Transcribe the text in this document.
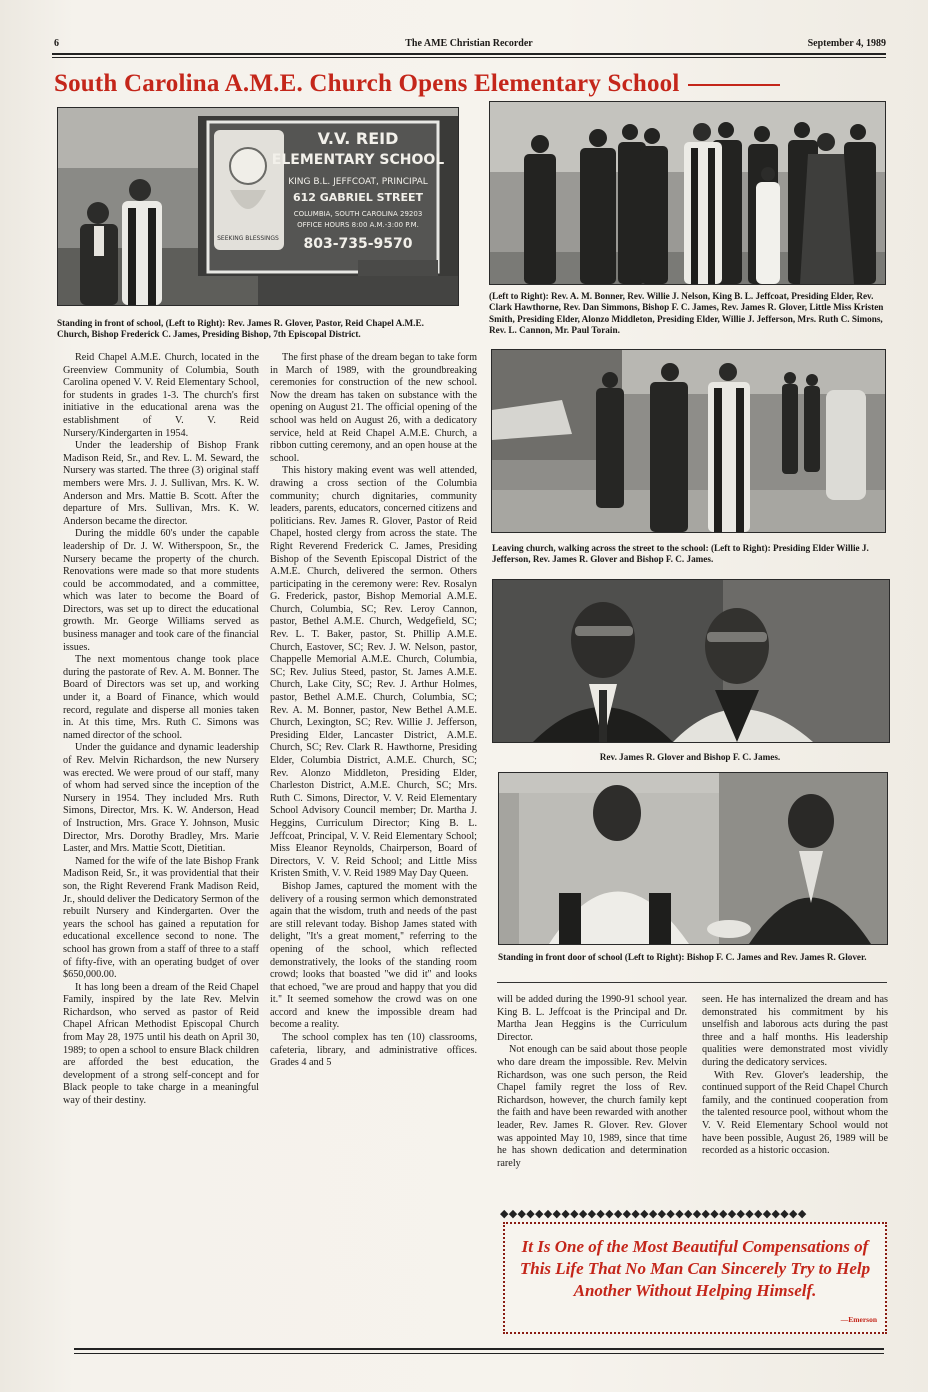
6	The AME Christian Recorder	September 4, 1989
South Carolina A.M.E. Church Opens Elementary School
SEEKING BLESSINGS
V.V. REID
ELEMENTARY SCHOOL
KING B.L. JEFFCOAT, PRINCIPAL
612 GABRIEL STREET
COLUMBIA, SOUTH CAROLINA 29203
OFFICE HOURS 8:00 A.M.-3:00 P.M.
803-735-9570
Standing in front of school, (Left to Right): Rev. James R. Glover, Pastor, Reid Chapel A.M.E. Church, Bishop Frederick C. James, Presiding Bishop, 7th Episcopal District.
(Left to Right): Rev. A. M. Bonner, Rev. Willie J. Nelson, King B. L. Jeffcoat, Presiding Elder, Rev. Clark Hawthorne, Rev. Dan Simmons, Bishop F. C. James, Rev. James R. Glover, Little Miss Kristen Smith, Presiding Elder, Alonzo Middleton, Presiding Elder, Willie J. Jefferson, Mrs. Ruth C. Simons, Rev. L. Cannon, Mr. Paul Torain.
Leaving church, walking across the street to the school: (Left to Right): Presiding Elder Willie J. Jefferson, Rev. James R. Glover and Bishop F. C. James.
Rev. James R. Glover and Bishop F. C. James.
Standing in front door of school (Left to Right): Bishop F. C. James and Rev. James R. Glover.

Reid Chapel A.M.E. Church, located in the Greenview Community of Columbia, South Carolina opened V. V. Reid Elementary School, for students in grades 1-3. The church's first initiative in the educational arena was the establishment of V. V. Reid Nursery/Kindergarten in 1954.

Under the leadership of Bishop Frank Madison Reid, Sr., and Rev. L. M. Seward, the Nursery was started. The three (3) original staff members were Mrs. J. J. Sullivan, Mrs. K. W. Anderson and Mrs. Mattie B. Scott. After the departure of Mrs. Sullivan, Mrs. K. W. Anderson became the director.

During the middle 60's under the capable leadership of Dr. J. W. Witherspoon, Sr., the Nursery became the property of the church. Renovations were made so that more students could be accommodated, and a committee, which was later to become the Board of Directors, was set up to direct the educational growth. Mr. George Williams served as business manager and took care of the financial issues.

The next momentous change took place during the pastorate of Rev. A. M. Bonner. The Board of Directors was set up, and working under it, a Board of Finance, which would record, regulate and disperse all monies taken in. At this time, Mrs. Ruth C. Simons was named director of the school.

Under the guidance and dynamic leadership of Rev. Melvin Richardson, the new Nursery was erected. We were proud of our staff, many of whom had served since the inception of the Nursery in 1954. They included Mrs. Ruth Simons, Director, Mrs. K. W. Anderson, Head of Instruction, Mrs. Grace Y. Johnson, Music Director, Mrs. Dorothy Bradley, Mrs. Marie Laster, and Mrs. Mattie Scott, Dietitian.

Named for the wife of the late Bishop Frank Madison Reid, Sr., it was providential that their son, the Right Reverend Frank Madison Reid, Jr., should deliver the Dedicatory Sermon of the rebuilt Nursery and Kindergarten. Over the years the school has gained a reputation for educational excellence second to none. The school has grown from a staff of three to a staff of fifty-five, with an operating budget of over $650,000.00.

It has long been a dream of the Reid Chapel Family, inspired by the late Rev. Melvin Richardson, who served as pastor of Reid Chapel African Methodist Episcopal Church from May 28, 1975 until his death on April 30, 1989; to open a school to ensure Black children are afforded the best education, the development of a strong self-concept and for Black people to take charge in a meaningful way of their destiny.

The first phase of the dream began to take form in March of 1989, with the groundbreaking ceremonies for construction of the new school. Now the dream has taken on substance with the opening on August 21. The official opening of the school was held on August 26, with a dedicatory service, held at Reid Chapel A.M.E. Church, a ribbon cutting ceremony, and an open house at the school.

This history making event was well attended, drawing a cross section of the Columbia community; church dignitaries, community leaders, parents, educators, concerned citizens and politicians. Rev. James R. Glover, Pastor of Reid Chapel, hosted clergy from across the state. The Right Reverend Frederick C. James, Presiding Bishop of the Seventh Episcopal District of the A.M.E. Church, delivered the sermon. Others participating in the ceremony were: Rev. Rosalyn G. Frederick, pastor, Bishop Memorial A.M.E. Church, Columbia, SC; Rev. Leroy Cannon, pastor, Bethel A.M.E. Church, Wedgefield, SC; Rev. L. T. Baker, pastor, St. Phillip A.M.E. Church, Eastover, SC; Rev. J. W. Nelson, pastor, Chappelle Memorial A.M.E. Church, Columbia, SC; Rev. Julius Steed, pastor, St. James A.M.E. Church, Lake City, SC; Rev. J. Arthur Holmes, pastor, Bethel A.M.E. Church, Columbia, SC; Rev. A. M. Bonner, pastor, New Bethel A.M.E. Church, Lexington, SC; Rev. Willie J. Jefferson, Presiding Elder, Lancaster District, A.M.E. Church, SC; Rev. Clark R. Hawthorne, Presiding Elder, Columbia District, A.M.E. Church, SC; Rev. Alonzo Middleton, Presiding Elder, Charleston District, A.M.E. Church, SC; Mrs. Ruth C. Simons, Director, V. V. Reid Elementary School Advisory Council member; Dr. Martha J. Heggins, Curriculum Director; King B. L. Jeffcoat, Principal, V. V. Reid Elementary School; Miss Eleanor Reynolds, Chairperson, Board of Directors, V. V. Reid School; and Little Miss Kristen Smith, V. V. Reid 1989 May Day Queen.

Bishop James, captured the moment with the delivery of a rousing sermon which demonstrated again that the wisdom, truth and needs of the past are still relevant today. Bishop James stated with delight, ''It's a great moment,'' referring to the opening of the school, which reflected demonstratively, the looks of the standing room crowd; looks that boasted ''we did it'' and looks that echoed, ''we are proud and happy that you did it.'' It seemed somehow the crowd was on one accord and knew the impossible dream had become a reality.

The school complex has ten (10) classrooms, cafeteria, library, and administrative offices. Grades 4 and 5

will be added during the 1990-91 school year. King B. L. Jeffcoat is the Principal and Dr. Martha Jean Heggins is the Curriculum Director.

Not enough can be said about those people who dare dream the impossible. Rev. Melvin Richardson, was one such person, the Reid Chapel family regret the loss of Rev. Richardson, however, the church family kept the faith and have been rewarded with another leader, Rev. James R. Glover. Rev. Glover was appointed May 10, 1989, since that time he has shown dedication and determination rarely

seen. He has internalized the dream and has demonstrated his commitment by his unselfish and laborous acts during the past three and a half months. His leadership qualities were demonstrated most vividly during the dedicatory services.

With Rev. Glover's leadership, the continued support of the Reid Chapel Church family, and the continued cooperation from the talented resource pool, without whom the V. V. Reid Elementary School would not have been possible, August 26, 1989 will be recorded as a historic occasion.

◆◆◆◆◆◆◆◆◆◆◆◆◆◆◆◆◆◆◆◆◆◆◆◆◆◆◆◆◆◆◆◆◆◆◆
It Is One of the Most Beautiful Compensations of This Life That No Man Can Sincerely Try to Help Another Without Helping Himself.
—Emerson
